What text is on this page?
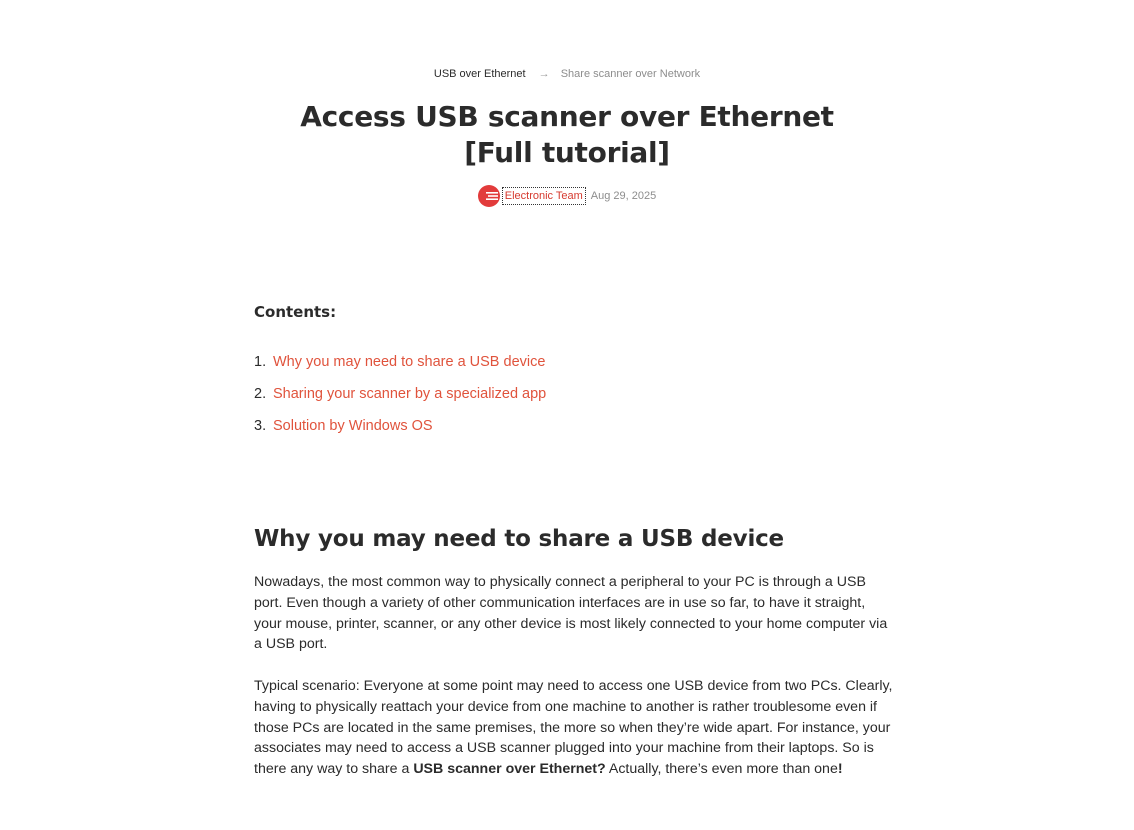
USB over Ethernet → Share scanner over Network
Access USB scanner over Ethernet
[Full tutorial]
Electronic Team Aug 29, 2025
Contents:
1. Why you may need to share a USB device
2. Sharing your scanner by a specialized app
3. Solution by Windows OS
Why you may need to share a USB device

Nowadays, the most common way to physically connect a peripheral to your PC is through a USB port. Even though a variety of other communication interfaces are in use so far, to have it straight, your mouse, printer, scanner, or any other device is most likely connected to your home computer via a USB port.

Typical scenario: Everyone at some point may need to access one USB device from two PCs. Clearly, having to physically reattach your device from one machine to another is rather troublesome even if those PCs are located in the same premises, the more so when they’re wide apart. For instance, your associates may need to access a USB scanner plugged into your machine from their laptops. So is there any way to share a USB scanner over Ethernet? Actually, there’s even more than one!
